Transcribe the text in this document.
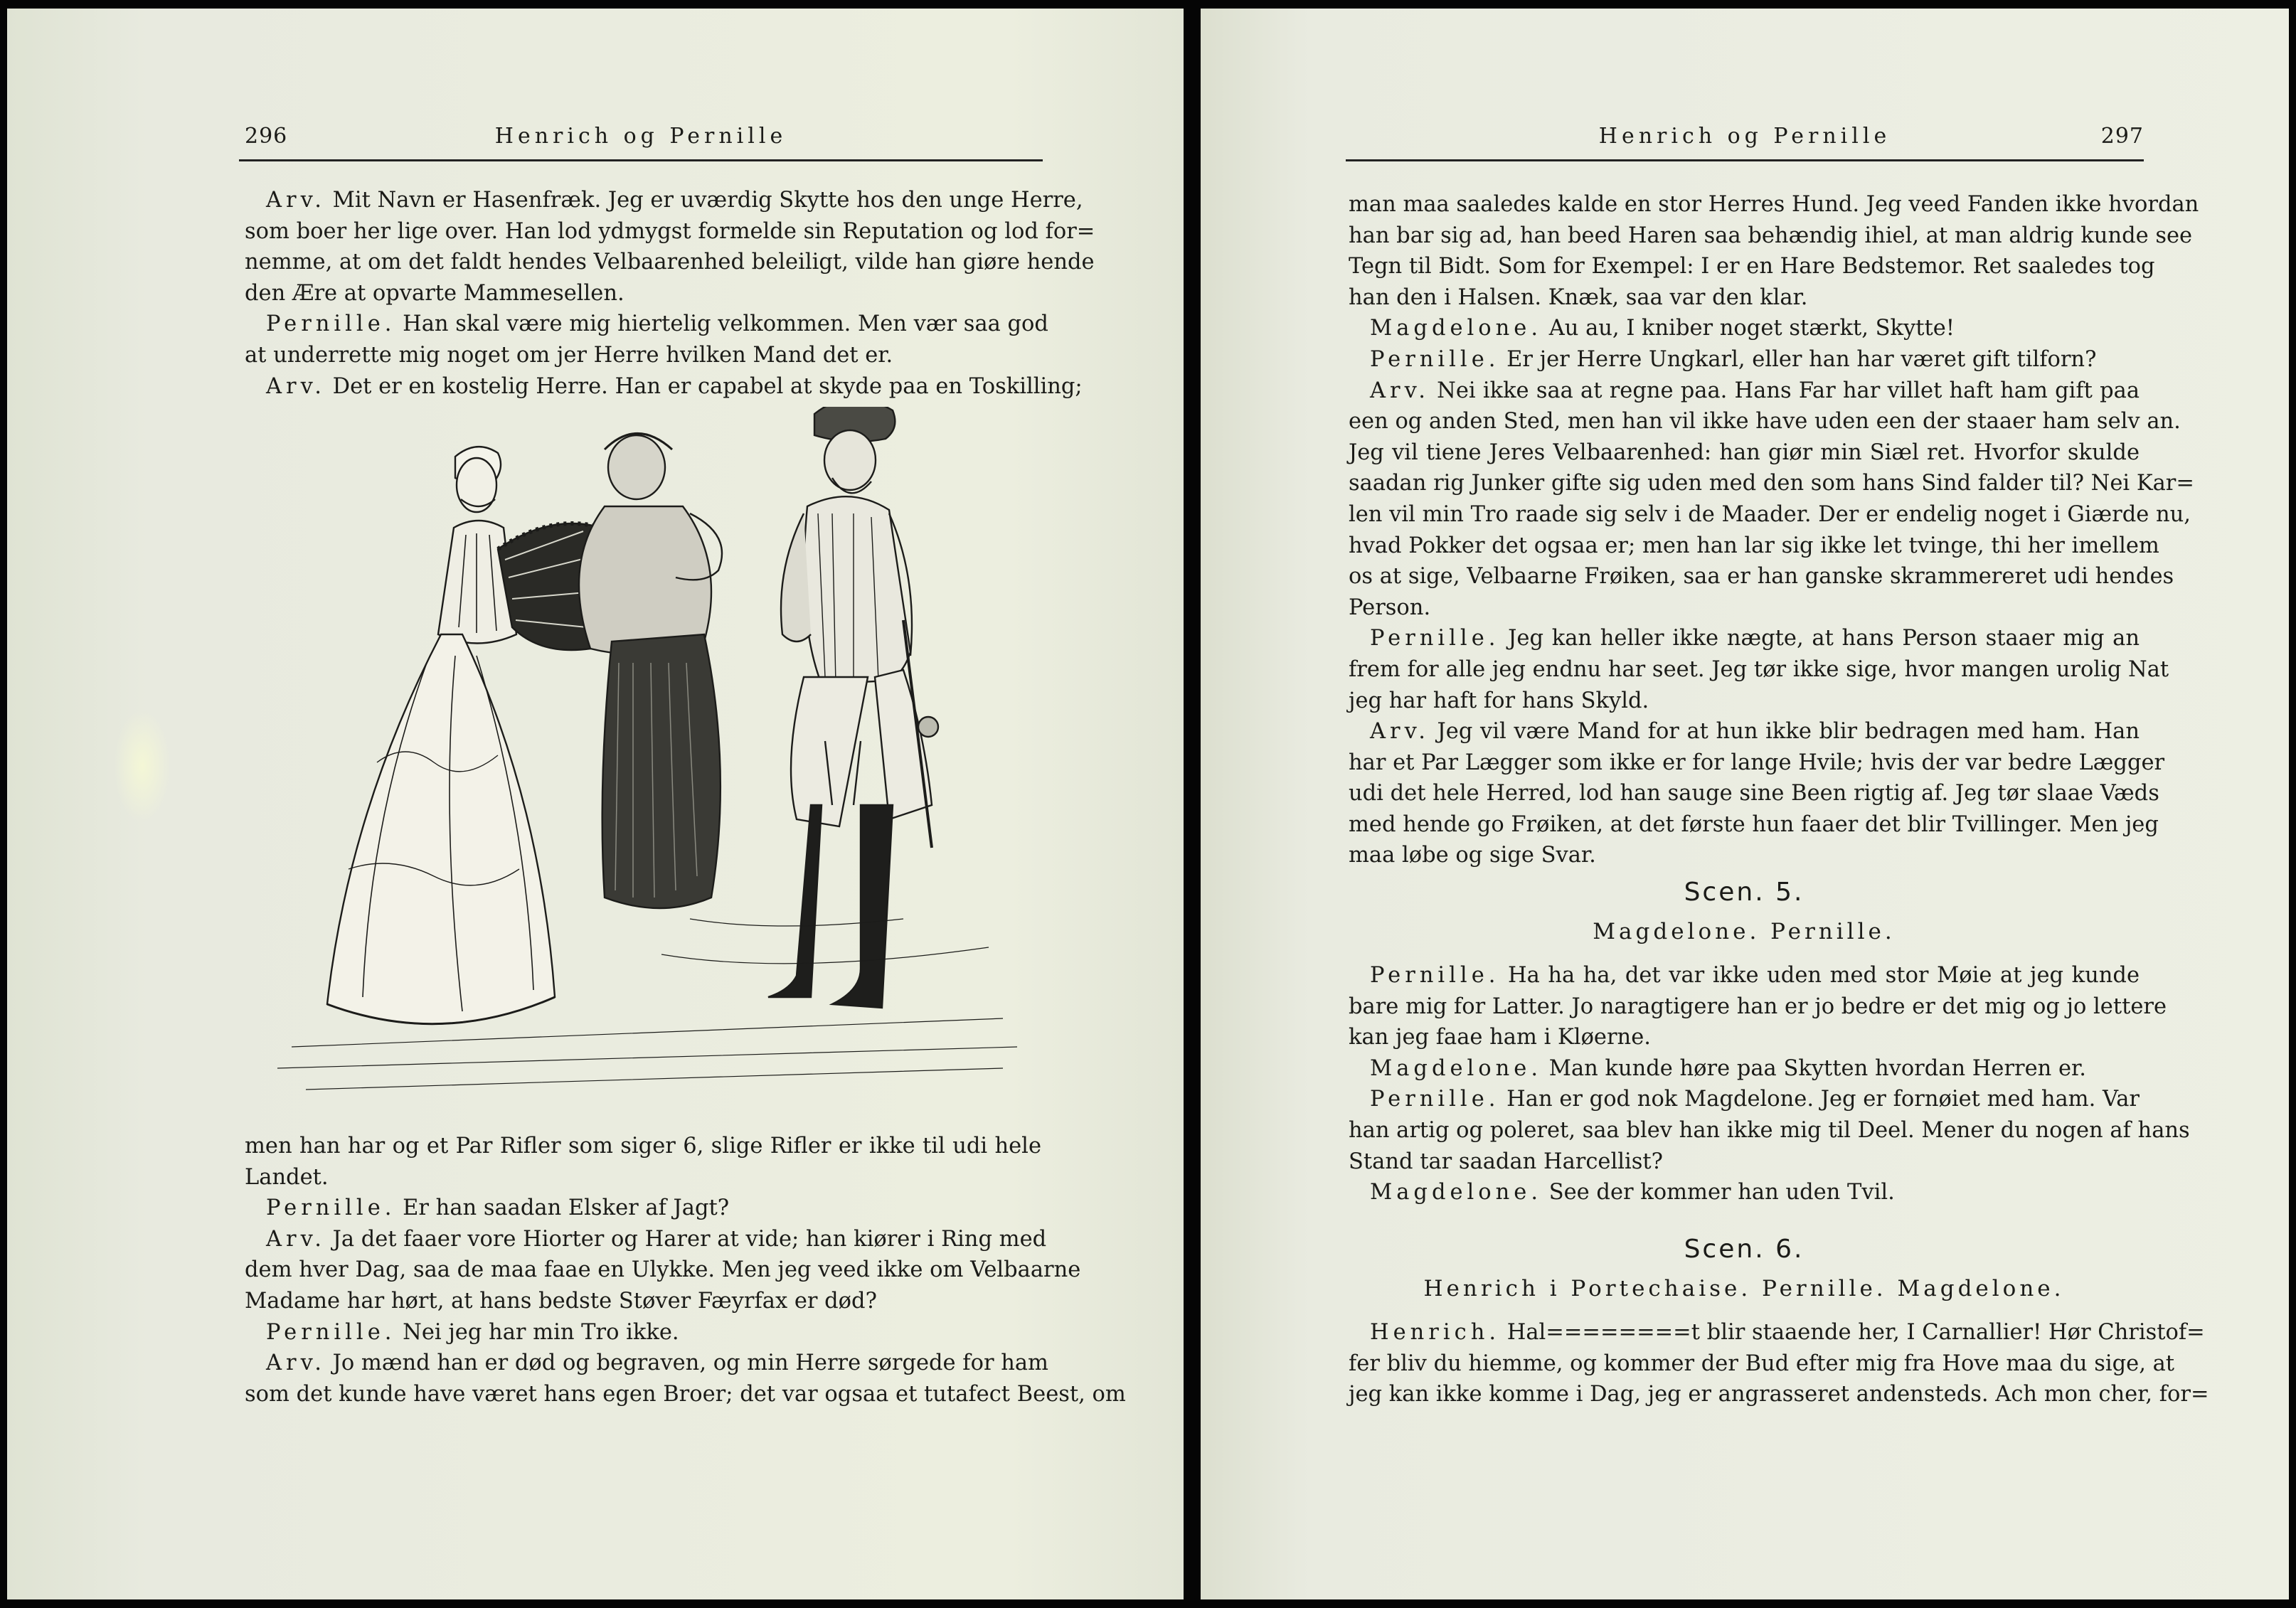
296	Henrich og Pernille

Arv. Mit Navn er Hasenfræk. Jeg er uværdig Skytte hos den unge Herre,

som boer her lige over. Han lod ydmygst formelde sin Reputation og lod for=

nemme, at om det faldt hendes Velbaarenhed beleiligt, vilde han giøre hende

den Ære at opvarte Mammesellen.

Pernille. Han skal være mig hiertelig velkommen. Men vær saa god

at underrette mig noget om jer Herre hvilken Mand det er.

Arv. Det er en kostelig Herre. Han er capabel at skyde paa en Toskilling;

men han har og et Par Rifler som siger 6, slige Rifler er ikke til udi hele

Landet.

Pernille. Er han saadan Elsker af Jagt?

Arv. Ja det faaer vore Hiorter og Harer at vide; han kiører i Ring med

dem hver Dag, saa de maa faae en Ulykke. Men jeg veed ikke om Velbaarne

Madame har hørt, at hans bedste Støver Fæyrfax er død?

Pernille. Nei jeg har min Tro ikke.

Arv. Jo mænd han er død og begraven, og min Herre sørgede for ham

som det kunde have været hans egen Broer; det var ogsaa et tutafect Beest, om

Henrich og Pernille	297

man maa saaledes kalde en stor Herres Hund. Jeg veed Fanden ikke hvordan

han bar sig ad, han beed Haren saa behændig ihiel, at man aldrig kunde see

Tegn til Bidt. Som for Exempel: I er en Hare Bedstemor. Ret saaledes tog

han den i Halsen. Knæk, saa var den klar.

Magdelone. Au au, I kniber noget stærkt, Skytte!

Pernille. Er jer Herre Ungkarl, eller han har været gift tilforn?

Arv. Nei ikke saa at regne paa. Hans Far har villet haft ham gift paa

een og anden Sted, men han vil ikke have uden een der staaer ham selv an.

Jeg vil tiene Jeres Velbaarenhed: han giør min Siæl ret. Hvorfor skulde

saadan rig Junker gifte sig uden med den som hans Sind falder til? Nei Kar=

len vil min Tro raade sig selv i de Maader. Der er endelig noget i Giærde nu,

hvad Pokker det ogsaa er; men han lar sig ikke let tvinge, thi her imellem

os at sige, Velbaarne Frøiken, saa er han ganske skrammereret udi hendes

Person.

Pernille. Jeg kan heller ikke nægte, at hans Person staaer mig an

frem for alle jeg endnu har seet. Jeg tør ikke sige, hvor mangen urolig Nat

jeg har haft for hans Skyld.

Arv. Jeg vil være Mand for at hun ikke blir bedragen med ham. Han

har et Par Lægger som ikke er for lange Hvile; hvis der var bedre Lægger

udi det hele Herred, lod han sauge sine Been rigtig af. Jeg tør slaae Væds

med hende go Frøiken, at det første hun faaer det blir Tvillinger. Men jeg

maa løbe og sige Svar.

Scen. 5.
Magdelone. Pernille.

Pernille. Ha ha ha, det var ikke uden med stor Møie at jeg kunde

bare mig for Latter. Jo naragtigere han er jo bedre er det mig og jo lettere

kan jeg faae ham i Kløerne.

Magdelone. Man kunde høre paa Skytten hvordan Herren er.

Pernille. Han er god nok Magdelone. Jeg er fornøiet med ham. Var

han artig og poleret, saa blev han ikke mig til Deel. Mener du nogen af hans

Stand tar saadan Harcellist?

Magdelone. See der kommer han uden Tvil.

Scen. 6.
Henrich i Portechaise. Pernille. Magdelone.

Henrich. Hal========t blir staaende her, I Carnallier! Hør Christof=

fer bliv du hiemme, og kommer der Bud efter mig fra Hove maa du sige, at

jeg kan ikke komme i Dag, jeg er angrasseret andensteds. Ach mon cher, for=
